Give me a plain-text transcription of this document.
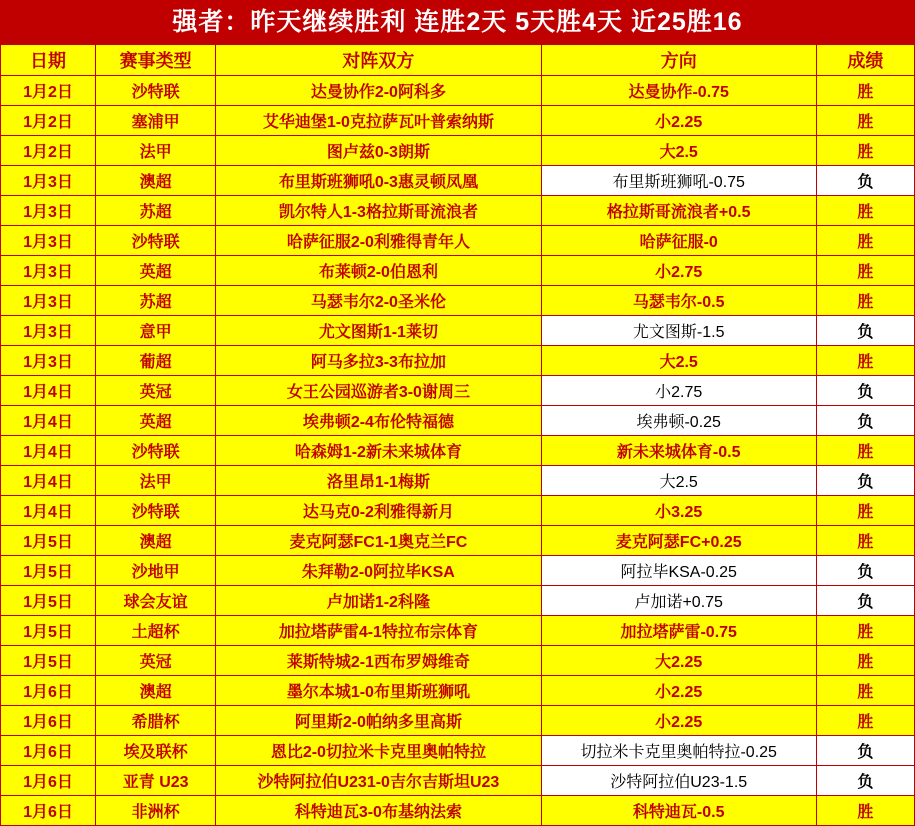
强者：昨天继续胜利 连胜2天 5天胜4天 近25胜16
日期	赛事类型	对阵双方	方向	成绩
1月2日	沙特联	达曼协作2-0阿科多	达曼协作-0.75	胜
1月2日	塞浦甲	艾华迪堡1-0克拉萨瓦叶普索纳斯	小2.25	胜
1月2日	法甲	图卢兹0-3朗斯	大2.5	胜
1月3日	澳超	布里斯班狮吼0-3惠灵顿凤凰	布里斯班狮吼-0.75	负
1月3日	苏超	凯尔特人1-3格拉斯哥流浪者	格拉斯哥流浪者+0.5	胜
1月3日	沙特联	哈萨征服2-0利雅得青年人	哈萨征服-0	胜
1月3日	英超	布莱顿2-0伯恩利	小2.75	胜
1月3日	苏超	马瑟韦尔2-0圣米伦	马瑟韦尔-0.5	胜
1月3日	意甲	尤文图斯1-1莱切	尤文图斯-1.5	负
1月3日	葡超	阿马多拉3-3布拉加	大2.5	胜
1月4日	英冠	女王公园巡游者3-0谢周三	小2.75	负
1月4日	英超	埃弗顿2-4布伦特福德	埃弗顿-0.25	负
1月4日	沙特联	哈森姆1-2新未来城体育	新未来城体育-0.5	胜
1月4日	法甲	洛里昂1-1梅斯	大2.5	负
1月4日	沙特联	达马克0-2利雅得新月	小3.25	胜
1月5日	澳超	麦克阿瑟FC1-1奥克兰FC	麦克阿瑟FC+0.25	胜
1月5日	沙地甲	朱拜勒2-0阿拉毕KSA	阿拉毕KSA-0.25	负
1月5日	球会友谊	卢加诺1-2科隆	卢加诺+0.75	负
1月5日	土超杯	加拉塔萨雷4-1特拉布宗体育	加拉塔萨雷-0.75	胜
1月5日	英冠	莱斯特城2-1西布罗姆维奇	大2.25	胜
1月6日	澳超	墨尔本城1-0布里斯班狮吼	小2.25	胜
1月6日	希腊杯	阿里斯2-0帕纳多里高斯	小2.25	胜
1月6日	埃及联杯	恩比2-0切拉米卡克里奥帕特拉	切拉米卡克里奥帕特拉-0.25	负
1月6日	亚青 U23	沙特阿拉伯U231-0吉尔吉斯坦U23	沙特阿拉伯U23-1.5	负
1月6日	非洲杯	科特迪瓦3-0布基纳法索	科特迪瓦-0.5	胜
